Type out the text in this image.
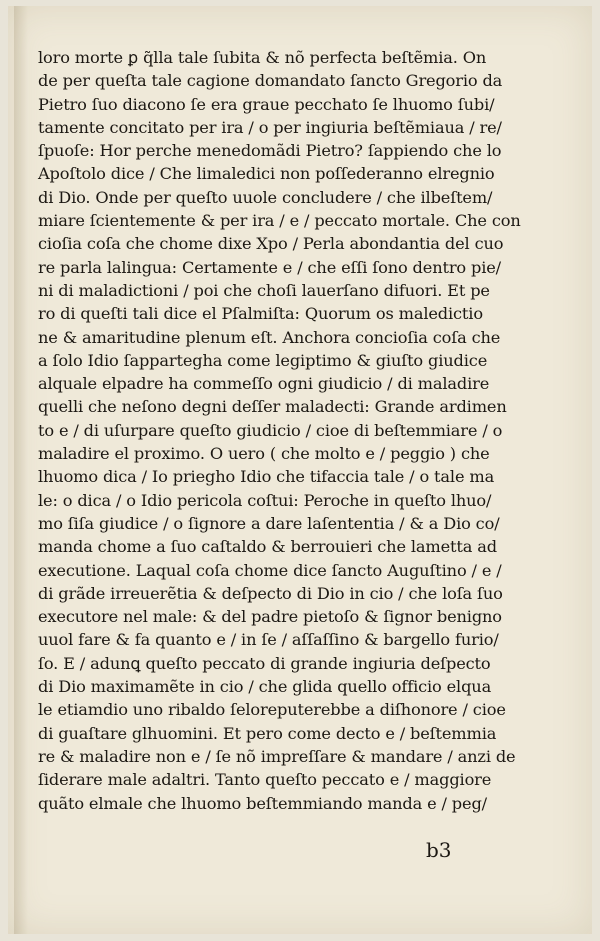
loro morte ꝑ q̃lla tale ſubita & nõ perfecta beſtẽmia. On
de per queſta tale cagione domandato ſancto Gregorio da
Pietro ſuo diacono ſe era graue pecchato ſe lhuomo ſubi/
tamente concitato per ira / o per ingiuria beſtẽmiaua / re/
ſpuoſe: Hor perche menedomãdi Pietro? ſappiendo che lo
Apoſtolo dice / Che limaledici non poſſederanno elregnio
di Dio. Onde per queſto uuole concludere / che ilbeſtem/
miare ſcientemente & per ira / e / peccato mortale. Che con
cioſia coſa che chome dixe Xpo / Perla abondantia del cuo
re parla lalingua: Certamente e / che eſſi ſono dentro pie/
ni di maladictioni / poi che choſi lauerſano difuori. Et pe
ro di queſti tali dice el Pſalmiſta: Quorum os maledictio
ne & amaritudine plenum eſt. Anchora concioſia coſa che
a ſolo Idio ſappartegha come legiptimo & giuſto giudice
alquale elpadre ha commeſſo ogni giudicio / di maladire
quelli che neſono degni deſſer maladecti: Grande ardimen
to e / di uſurpare queſto giudicio / cioe di beſtemmiare / o
maladire el proximo. O uero ( che molto e / peggio ) che
lhuomo dica / Io priegho Idio che tifaccia tale / o tale ma
le: o dica / o Idio pericola coſtui: Peroche in queſto lhuo/
mo ſiſa giudice / o ſignore a dare laſententia / & a Dio co/
manda chome a ſuo caſtaldo & berrouieri che lametta ad
executione. Laqual coſa chome dice ſancto Auguſtino / e /
di grãde irreuerẽtia & deſpecto di Dio in cio / che loſa ſuo
executore nel male: & del padre pietoſo & ſignor benigno
uuol fare & fa quanto e / in ſe / aſſaſſino & bargello furio/
ſo. E / adunꝗ queſto peccato di grande ingiuria deſpecto
di Dio maximamẽte in cio / che glida quello officio elqua
le etiamdio uno ribaldo ſeloreputerebbe a diſhonore / cioe
di guaſtare glhuomini. Et pero come decto e / beſtemmia
re & maladire non e / ſe nõ impreſſare & mandare / anzi de
ſiderare male adaltri. Tanto queſto peccato e / maggiore
quãto elmale che lhuomo beſtemmiando manda e / peg/
b3
